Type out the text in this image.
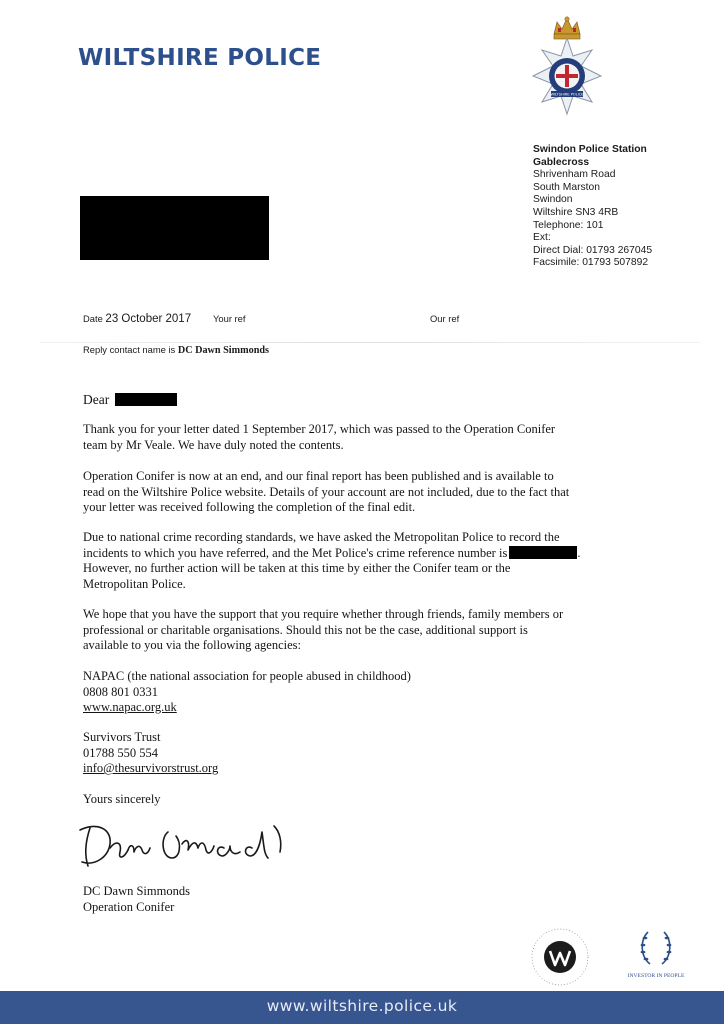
WILTSHIRE POLICE
WILTSHIRE POLICE
Swindon Police Station
Gablecross
Shrivenham Road
South Marston
Swindon
Wiltshire SN3 4RB
Telephone: 101
Ext:
Direct Dial: 01793 267045
Facsimile: 01793 507892
Date 23 October 2017 Your ref	Our ref
Reply contact name is DC Dawn Simmonds
Dear

Thank you for your letter dated 1 September 2017, which was passed to the Operation Conifer

team by Mr Veale. We have duly noted the contents.

Operation Conifer is now at an end, and our final report has been published and is available to

read on the Wiltshire Police website. Details of your account are not included, due to the fact that

your letter was received following the completion of the final edit.

Due to national crime recording standards, we have asked the Metropolitan Police to record the

incidents to which you have referred, and the Met Police's crime reference number is	.

However, no further action will be taken at this time by either the Conifer team or the

Metropolitan Police.

We hope that you have the support that you require whether through friends, family members or

professional or charitable organisations. Should this not be the case, additional support is

available to you via the following agencies:

NAPAC (the national association for people abused in childhood)

0808 801 0331

www.napac.org.uk

Survivors Trust

01788 550 554

info@thesurvivorstrust.org

Yours sincerely

DC Dawn Simmonds

Operation Conifer

INVESTOR IN PEOPLE
www.wiltshire.police.uk
